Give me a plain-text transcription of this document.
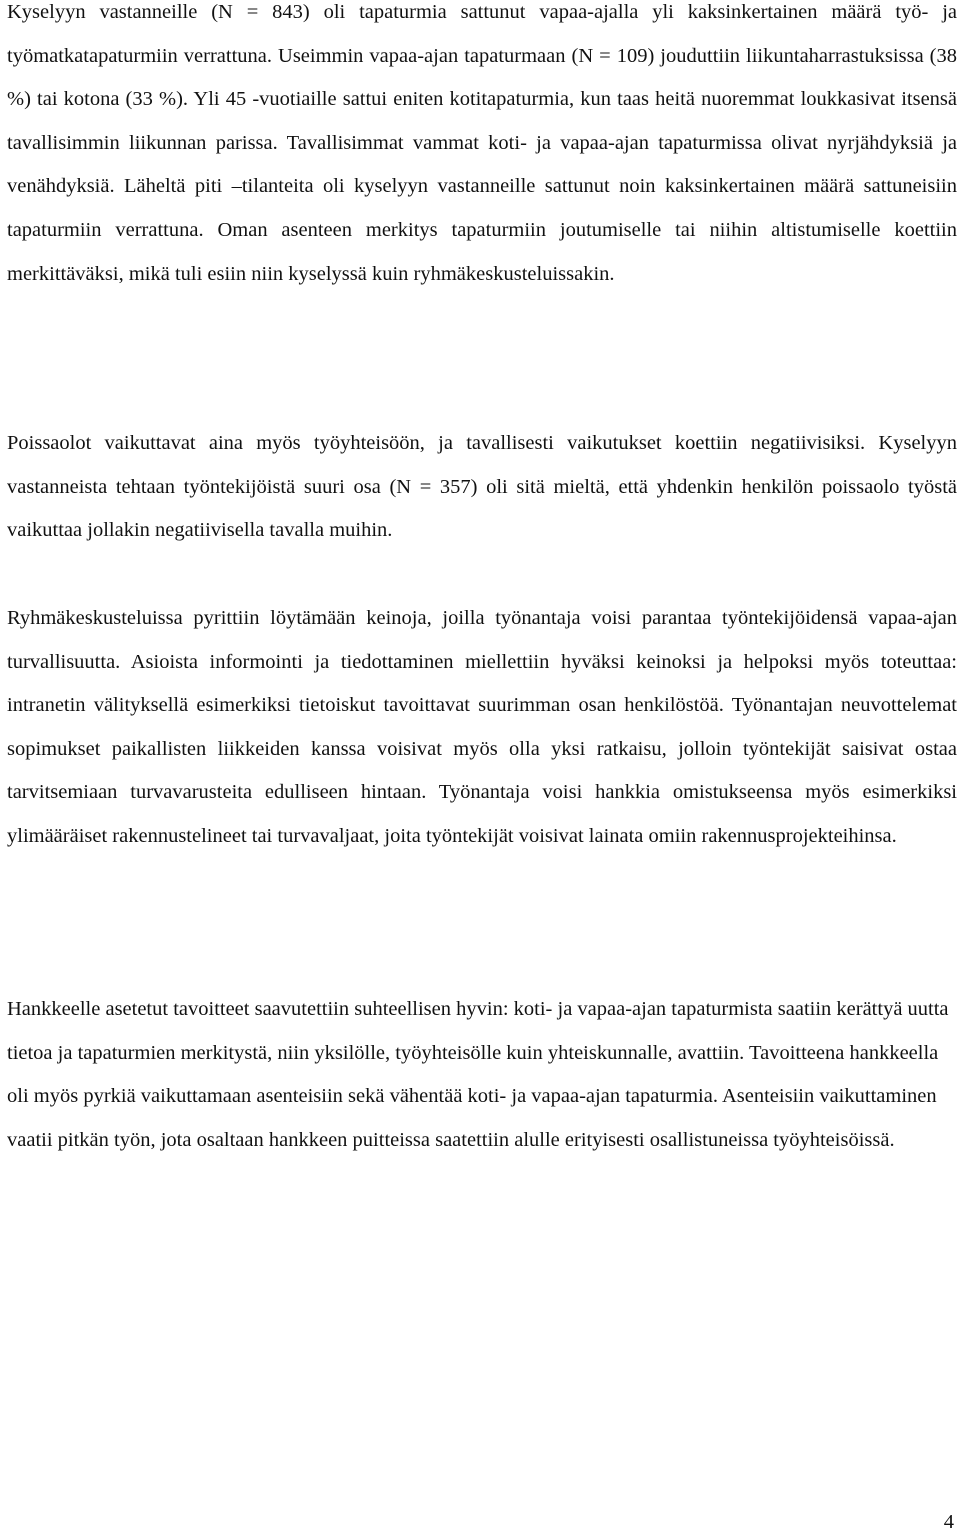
Kyselyyn vastanneille (N = 843) oli tapaturmia sattunut vapaa-ajalla yli kaksinkertainen määrä työ- ja työmatkatapaturmiin verrattuna. Useimmin vapaa-ajan tapaturmaan (N = 109) jouduttiin liikuntaharrastuksissa (38 %) tai kotona (33 %). Yli 45 -vuotiaille sattui eniten kotitapaturmia, kun taas heitä nuoremmat loukkasivat itsensä tavallisimmin liikunnan parissa. Tavallisimmat vammat koti- ja vapaa-ajan tapaturmissa olivat nyrjähdyksiä ja venähdyksiä. Läheltä piti –tilanteita oli kyselyyn vastanneille sattunut noin kaksinkertainen määrä sattuneisiin tapaturmiin verrattuna. Oman asenteen merkitys tapaturmiin joutumiselle tai niihin altistumiselle koettiin merkittäväksi, mikä tuli esiin niin kyselyssä kuin ryhmäkeskusteluissakin.

Poissaolot vaikuttavat aina myös työyhteisöön, ja tavallisesti vaikutukset koettiin negatiivisiksi. Kyselyyn vastanneista tehtaan työntekijöistä suuri osa (N = 357) oli sitä mieltä, että yhdenkin henkilön poissaolo työstä vaikuttaa jollakin negatiivisella tavalla muihin.

Ryhmäkeskusteluissa pyrittiin löytämään keinoja, joilla työnantaja voisi parantaa työntekijöidensä vapaa-ajan turvallisuutta. Asioista informointi ja tiedottaminen miellettiin hyväksi keinoksi ja helpoksi myös toteuttaa: intranetin välityksellä esimerkiksi tietoiskut tavoittavat suurimman osan henkilöstöä. Työnantajan neuvottelemat sopimukset paikallisten liikkeiden kanssa voisivat myös olla yksi ratkaisu, jolloin työntekijät saisivat ostaa tarvitsemiaan turvavarusteita edulliseen hintaan. Työnantaja voisi hankkia omistukseensa myös esimerkiksi ylimääräiset rakennustelineet tai turvavaljaat, joita työntekijät voisivat lainata omiin rakennusprojekteihinsa.

Hankkeelle asetetut tavoitteet saavutettiin suhteellisen hyvin: koti- ja vapaa-ajan tapaturmista saatiin kerättyä uutta tietoa ja tapaturmien merkitystä, niin yksilölle, työyhteisölle kuin yhteiskunnalle, avattiin. Tavoitteena hankkeella oli myös pyrkiä vaikuttamaan asenteisiin sekä vähentää koti- ja vapaa-ajan tapaturmia. Asenteisiin vaikuttaminen vaatii pitkän työn, jota osaltaan hankkeen puitteissa saatettiin alulle erityisesti osallistuneissa työyhteisöissä.

4
